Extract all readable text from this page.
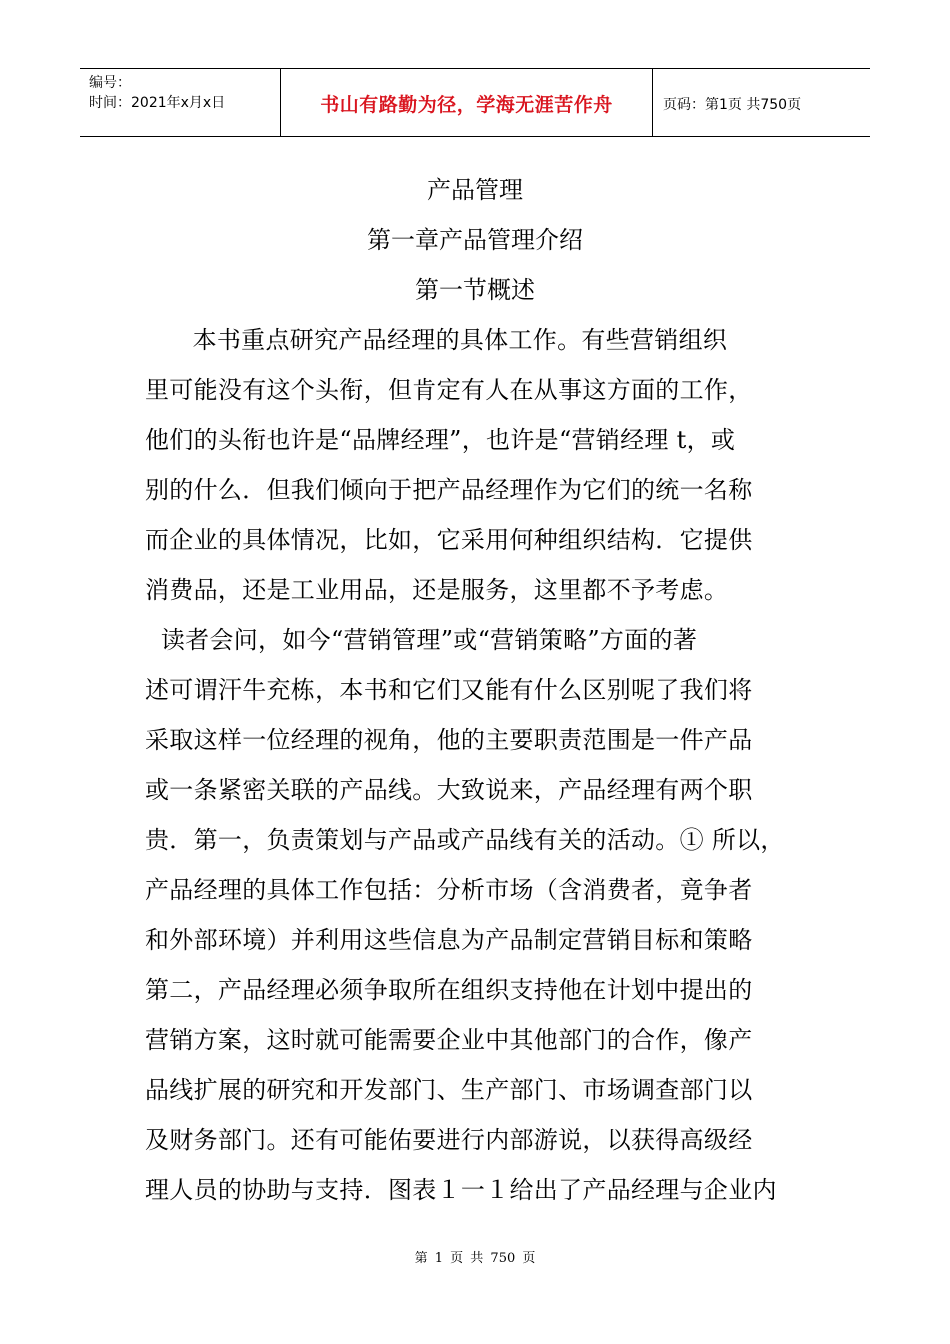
编号：
时间：2021年x月x日	书山有路勤为径，学海无涯苦作舟	页码：第1页 共750页
产品管理
第一章产品管理介绍
第一节概述
本书重点研究产品经理的具体工作。有些营销组织
里可能没有这个头衔，但肯定有人在从事这方面的工作，
他们的头衔也许是“品牌经理”，也许是“营销经理 t，或
别的什么．但我们倾向于把产品经理作为它们的统一名称
而企业的具体情况，比如，它采用何种组织结构．它提供
消费品，还是工业用品，还是服务，这里都不予考虑。
读者会问，如今“营销管理”或“营销策略”方面的著
述可谓汗牛充栋，本书和它们又能有什么区别呢了我们将
采取这样一位经理的视角，他的主要职责范围是一件产品
或一条紧密关联的产品线。大致说来，产品经理有两个职
贵．第一，负责策划与产品或产品线有关的活动。① 所以，
产品经理的具体工作包括：分析市场（含消费者，竟争者
和外部环境）并利用这些信息为产品制定营销目标和策略
第二，产品经理必须争取所在组织支持他在计划中提出的
营销方案，这时就可能需要企业中其他部门的合作，像产
品线扩展的研究和开发部门、生产部门、市场调查部门以
及财务部门。还有可能佑要进行内部游说，以获得高级经
理人员的协助与支持．图表１一１给出了产品经理与企业内
第 1 页 共 750 页
